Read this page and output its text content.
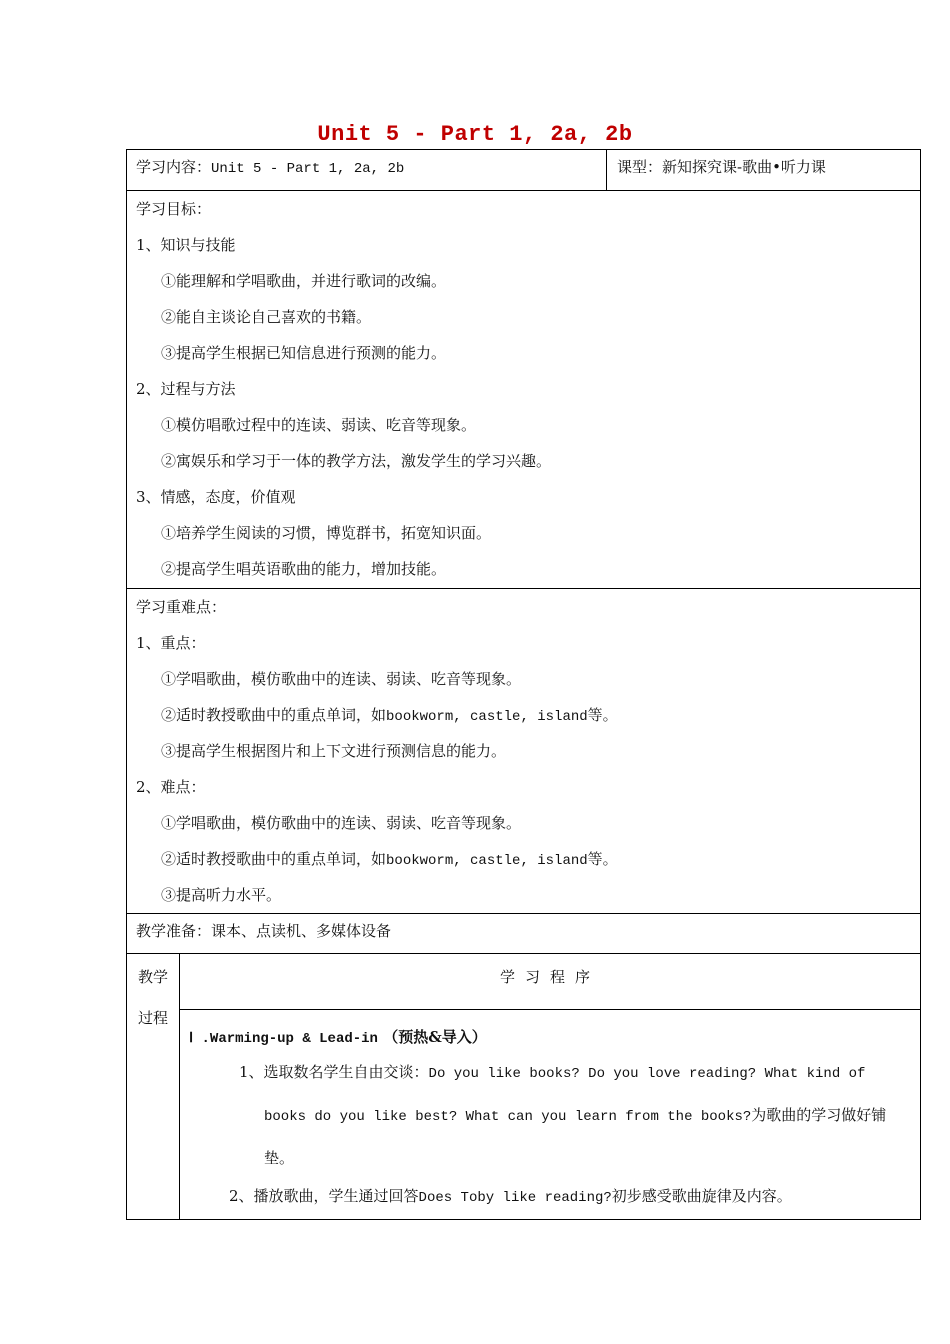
Unit 5 - Part 1, 2a, 2b
学习内容：Unit 5 - Part 1, 2a, 2b	课型：新知探究课-歌曲•听力课
学习目标：
1、知识与技能
①能理解和学唱歌曲，并进行歌词的改编。
②能自主谈论自己喜欢的书籍。
③提高学生根据已知信息进行预测的能力。
2、过程与方法
①模仿唱歌过程中的连读、弱读、吃音等现象。
②寓娱乐和学习于一体的教学方法，激发学生的学习兴趣。
3、情感，态度，价值观
①培养学生阅读的习惯，博览群书，拓宽知识面。
②提高学生唱英语歌曲的能力，增加技能。
学习重难点：
1、重点：
①学唱歌曲，模仿歌曲中的连读、弱读、吃音等现象。
②适时教授歌曲中的重点单词，如bookworm, castle, island等。
③提高学生根据图片和上下文进行预测信息的能力。
2、难点：
①学唱歌曲，模仿歌曲中的连读、弱读、吃音等现象。
②适时教授歌曲中的重点单词，如bookworm, castle, island等。
③提高听力水平。
教学准备：课本、点读机、多媒体设备
教学
过程
学习程序
Ⅰ .Warming-up & Lead-in （预热&导入）
1、选取数名学生自由交谈：Do you like books? Do you love reading? What kind of
books do you like best? What can you learn from the books?为歌曲的学习做好铺
垫。
2、播放歌曲，学生通过回答Does Toby like reading?初步感受歌曲旋律及内容。
